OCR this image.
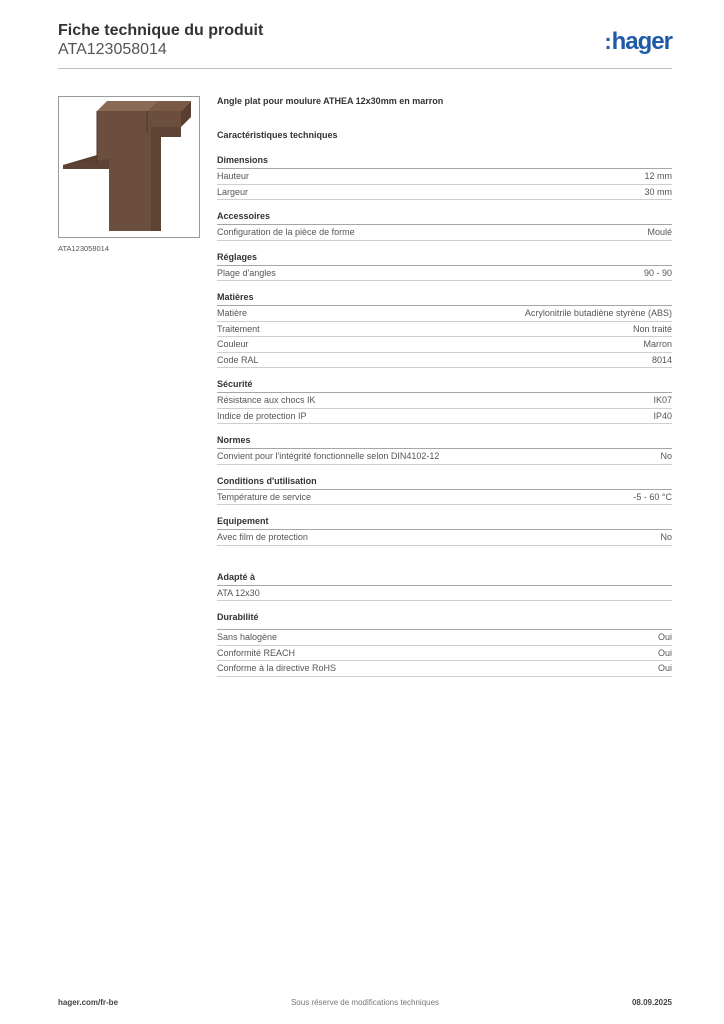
Fiche technique du produit
ATA123058014	:hager
ATA123058014
Angle plat pour moulure ATHEA 12x30mm en marron
Caractéristiques techniques
Dimensions
Hauteur	12 mm
Largeur	30 mm
Accessoires
Configuration de la pièce de forme	Moulé
Réglages
Plage d'angles	90 - 90
Matières
Matière	Acrylonitrile butadiène styrène (ABS)
Traitement	Non traité
Couleur	Marron
Code RAL	8014
Sécurité
Résistance aux chocs IK	IK07
Indice de protection IP	IP40
Normes
Convient pour l'intégrité fonctionnelle selon DIN4102-12	No
Conditions d'utilisation
Température de service	-5 - 60 °C
Equipement
Avec film de protection	No
Adapté à
ATA 12x30
Durabilité
Sans halogène	Oui
Conformité REACH	Oui
Conforme à la directive RoHS	Oui
hager.com/fr-be	Sous réserve de modifications techniques	08.09.2025
